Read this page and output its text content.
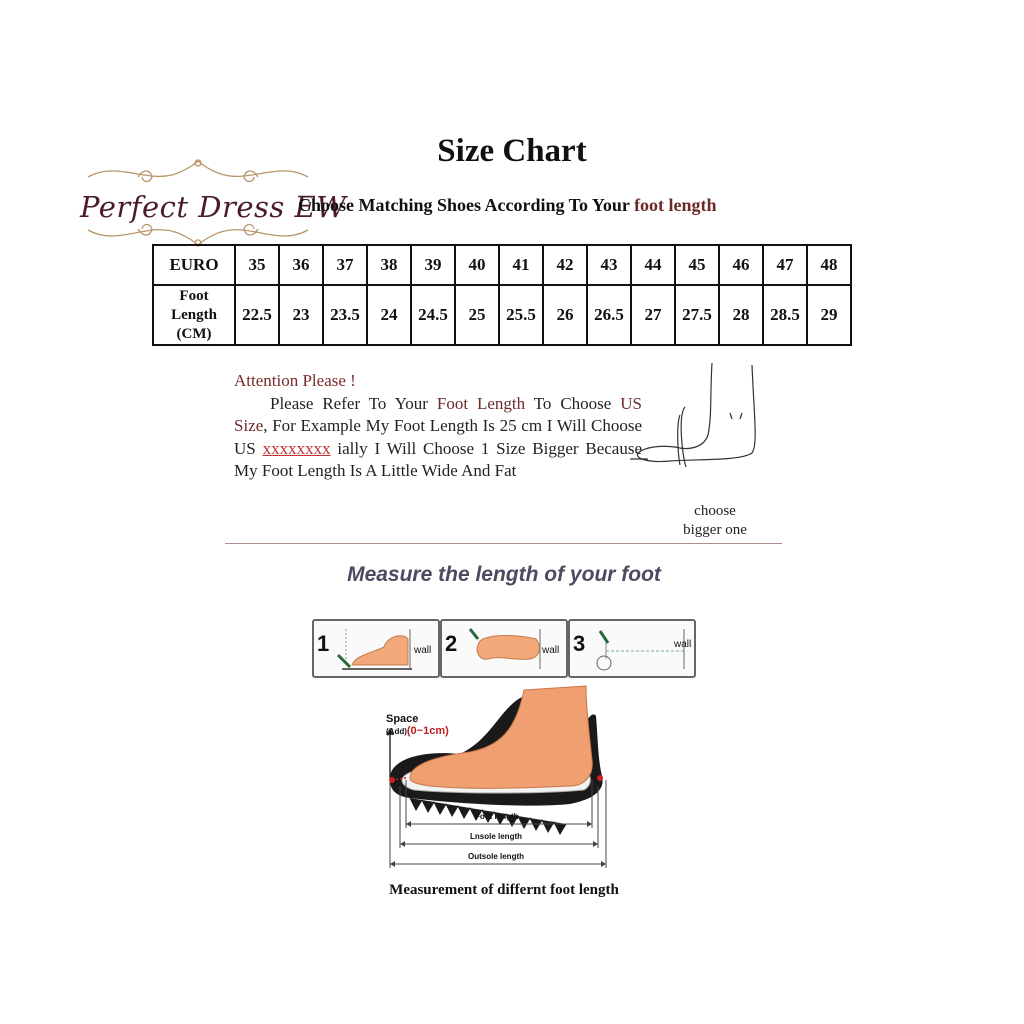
Size Chart
Perfect Dress EW
Choose Matching Shoes According To Your foot length
EURO	35	36	37	38	39	40	41	42	43	44	45	46	47	48

Foot
Length
(CM)	22.5	23	23.5	24	24.5	25	25.5	26	26.5	27	27.5	28	28.5	29
Attention Please !
Please Refer To Your Foot Length To Choose US Size, For Example My Foot Length Is 25 cm I Will Choose US xxxxxxxx ially I Will Choose 1 Size Bigger Because My Foot Length Is A Little Wide And Fat
choose
bigger one
Measure the length of your foot
1	wall 2	wall 3	wall
Space
(Add)(0~1cm)
Foot length
Lnsole length
Outsole length
Measurement of differnt foot length
